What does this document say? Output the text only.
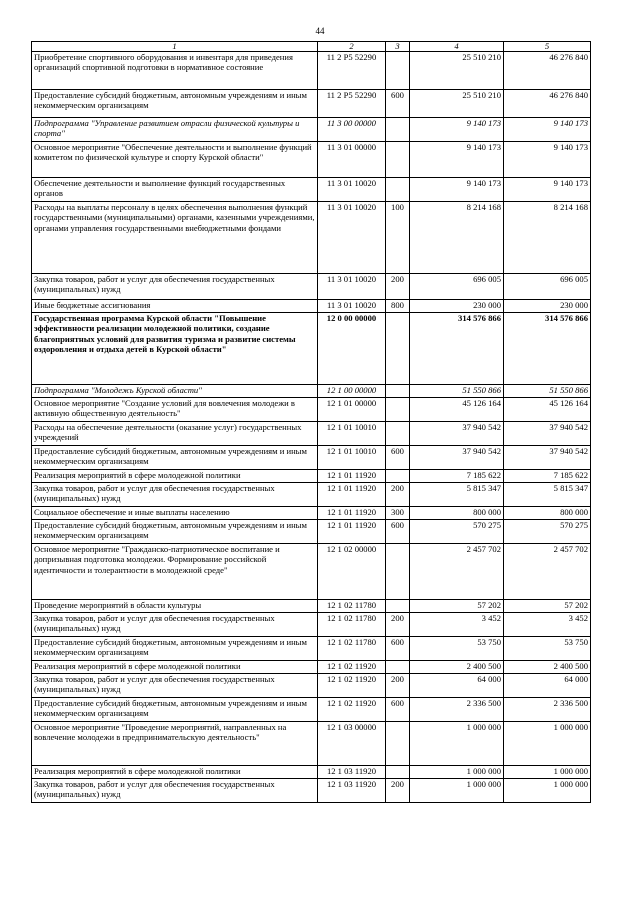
44
1	2	3	4	5
Приобретение спортивного оборудования и инвентаря для приведения организаций спортивной подготовки в нормативное состояние	11 2 Р5 52290		25 510 210	46 276 840
Предоставление субсидий бюджетным, автономным учреждениям и иным некоммерческим организациям	11 2 Р5 52290	600	25 510 210	46 276 840
Подпрограмма "Управление развитием отрасли физической культуры и спорта"	11 3 00 00000		9 140 173	9 140 173
Основное мероприятие "Обеспечение деятельности и выполнение функций комитетом по физической культуре и спорту Курской области"	11 3 01 00000		9 140 173	9 140 173
Обеспечение деятельности и выполнение функций государственных органов	11 3 01 10020		9 140 173	9 140 173
Расходы на выплаты персоналу в целях обеспечения выполнения функций государственными (муниципальными) органами, казенными учреждениями, органами управления государственными внебюджетными фондами	11 3 01 10020	100	8 214 168	8 214 168
Закупка товаров, работ и услуг для обеспечения государственных (муниципальных) нужд	11 3 01 10020	200	696 005	696 005
Иные бюджетные ассигнования	11 3 01 10020	800	230 000	230 000
Государственная программа Курской области "Повышение эффективности реализации молодежной политики, создание благоприятных условий для развития туризма и развитие системы оздоровления и отдыха детей в Курской области"	12 0 00 00000		314 576 866	314 576 866
Подпрограмма "Молодежь Курской области"	12 1 00 00000		51 550 866	51 550 866
Основное мероприятие "Создание условий для вовлечения молодежи в активную общественную деятельность"	12 1 01 00000		45 126 164	45 126 164
Расходы на обеспечение деятельности (оказание услуг) государственных учреждений	12 1 01 10010		37 940 542	37 940 542
Предоставление субсидий бюджетным, автономным учреждениям и иным некоммерческим организациям	12 1 01 10010	600	37 940 542	37 940 542
Реализация мероприятий в сфере молодежной политики	12 1 01 11920		7 185 622	7 185 622
Закупка товаров, работ и услуг для обеспечения государственных (муниципальных) нужд	12 1 01 11920	200	5 815 347	5 815 347
Социальное обеспечение и иные выплаты населению	12 1 01 11920	300	800 000	800 000
Предоставление субсидий бюджетным, автономным учреждениям и иным некоммерческим организациям	12 1 01 11920	600	570 275	570 275
Основное мероприятие "Гражданско-патриотическое воспитание и допризывная подготовка молодежи. Формирование российской идентичности и толерантности в молодежной среде"	12 1 02 00000		2 457 702	2 457 702
Проведение мероприятий в области культуры	12 1 02 11780		57 202	57 202
Закупка товаров, работ и услуг для обеспечения государственных (муниципальных) нужд	12 1 02 11780	200	3 452	3 452
Предоставление субсидий бюджетным, автономным учреждениям и иным некоммерческим организациям	12 1 02 11780	600	53 750	53 750
Реализация мероприятий в сфере молодежной политики	12 1 02 11920		2 400 500	2 400 500
Закупка товаров, работ и услуг для обеспечения государственных (муниципальных) нужд	12 1 02 11920	200	64 000	64 000
Предоставление субсидий бюджетным, автономным учреждениям и иным некоммерческим организациям	12 1 02 11920	600	2 336 500	2 336 500
Основное мероприятие "Проведение мероприятий, направленных на вовлечение молодежи в предпринимательскую деятельность"	12 1 03 00000		1 000 000	1 000 000
Реализация мероприятий в сфере молодежной политики	12 1 03 11920		1 000 000	1 000 000
Закупка товаров, работ и услуг для обеспечения государственных (муниципальных) нужд	12 1 03 11920	200	1 000 000	1 000 000
